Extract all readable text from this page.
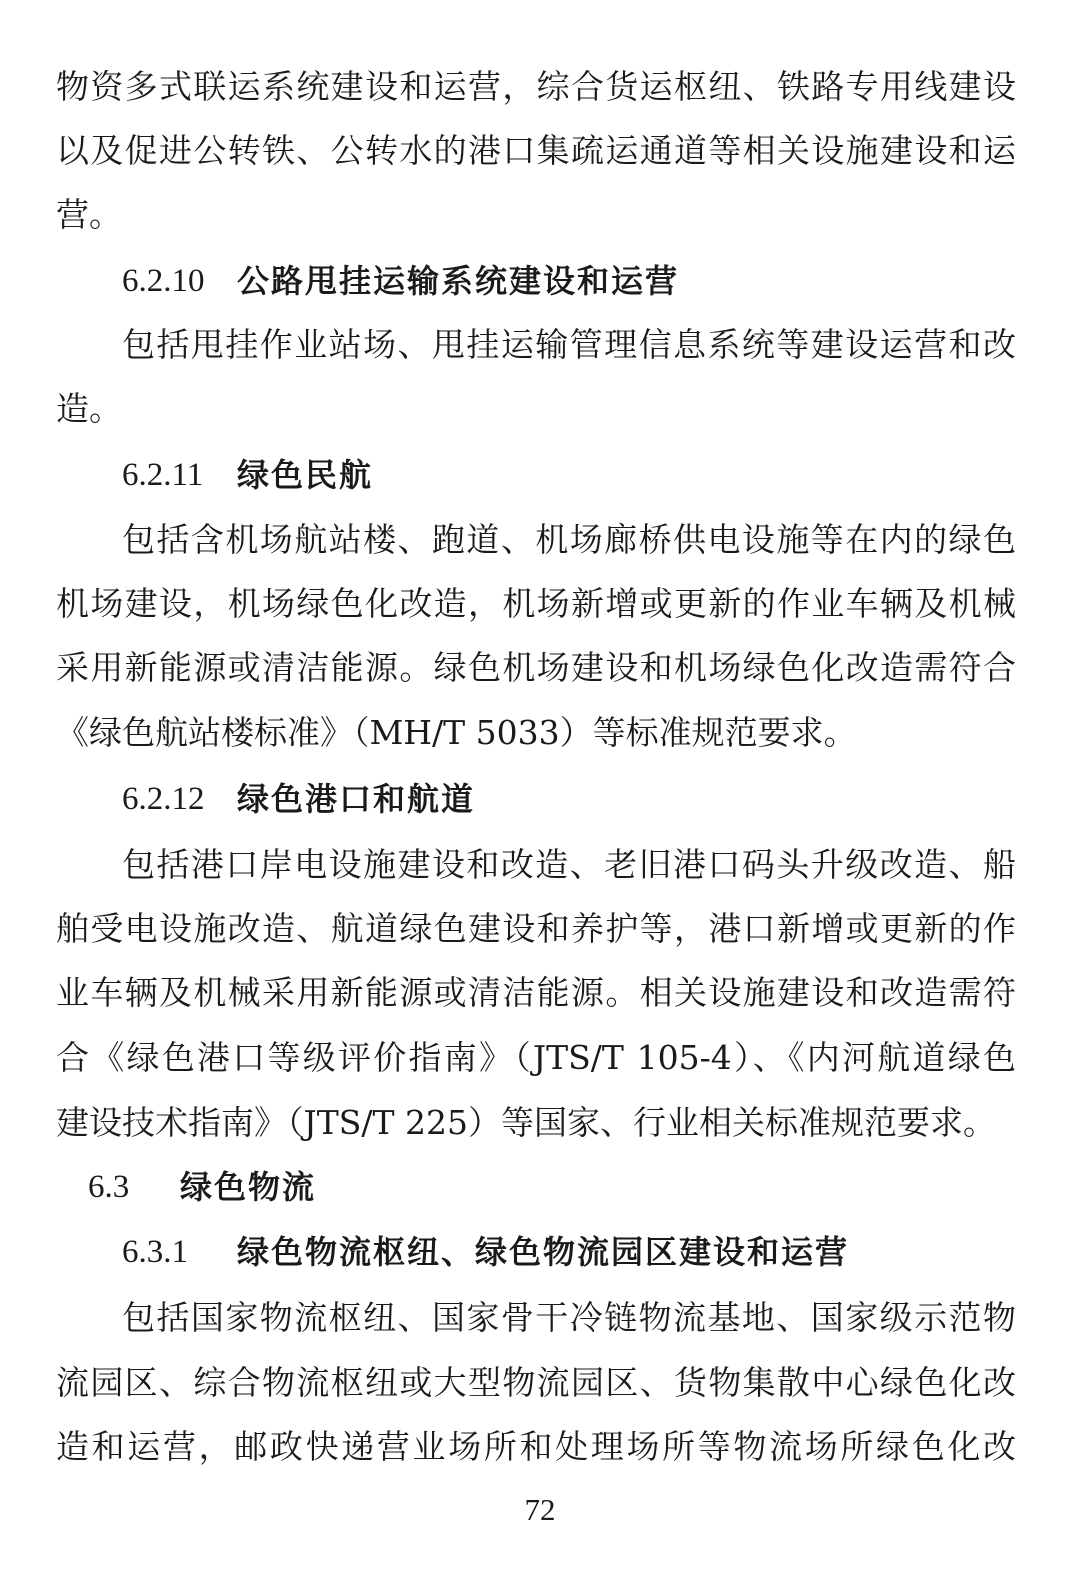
物资多式联运系统建设和运营，综合货运枢纽、铁路专用线建设
以及促进公转铁、公转水的港口集疏运通道等相关设施建设和运
营。
6.2.10 公路甩挂运输系统建设和运营
包括甩挂作业站场、甩挂运输管理信息系统等建设运营和改
造。
6.2.11 绿色民航
包括含机场航站楼、跑道、机场廊桥供电设施等在内的绿色
机场建设，机场绿色化改造，机场新增或更新的作业车辆及机械
采用新能源或清洁能源。绿色机场建设和机场绿色化改造需符合
《绿色航站楼标准》（MH/T 5033）等标准规范要求。
6.2.12 绿色港口和航道
包括港口岸电设施建设和改造、老旧港口码头升级改造、船
舶受电设施改造、航道绿色建设和养护等，港口新增或更新的作
业车辆及机械采用新能源或清洁能源。相关设施建设和改造需符
合《绿色港口等级评价指南》（JTS/T 105-4）、《内河航道绿色
建设技术指南》（JTS/T 225）等国家、行业相关标准规范要求。
6.3 绿色物流
6.3.1 绿色物流枢纽、绿色物流园区建设和运营
包括国家物流枢纽、国家骨干冷链物流基地、国家级示范物
流园区、综合物流枢纽或大型物流园区、货物集散中心绿色化改
造和运营，邮政快递营业场所和处理场所等物流场所绿色化改
72
